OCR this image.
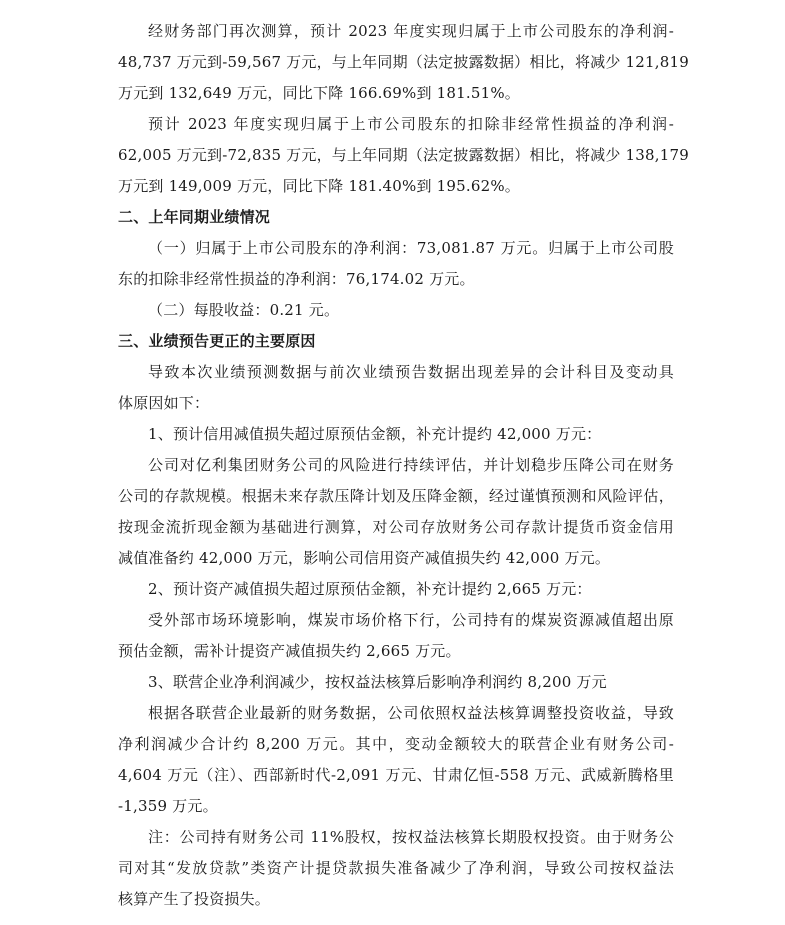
经财务部门再次测算，预计 2023 年度实现归属于上市公司股东的净利润-
48,737 万元到-59,567 万元，与上年同期（法定披露数据）相比，将减少 121,819
万元到 132,649 万元，同比下降 166.69%到 181.51%。
预计 2023 年度实现归属于上市公司股东的扣除非经常性损益的净利润-
62,005 万元到-72,835 万元，与上年同期（法定披露数据）相比，将减少 138,179
万元到 149,009 万元，同比下降 181.40%到 195.62%。
二、上年同期业绩情况
（一）归属于上市公司股东的净利润：73,081.87 万元。归属于上市公司股
东的扣除非经常性损益的净利润：76,174.02 万元。
（二）每股收益：0.21 元。
三、业绩预告更正的主要原因
导致本次业绩预测数据与前次业绩预告数据出现差异的会计科目及变动具
体原因如下：
1、预计信用减值损失超过原预估金额，补充计提约 42,000 万元：
公司对亿利集团财务公司的风险进行持续评估，并计划稳步压降公司在财务
公司的存款规模。根据未来存款压降计划及压降金额，经过谨慎预测和风险评估，
按现金流折现金额为基础进行测算，对公司存放财务公司存款计提货币资金信用
减值准备约 42,000 万元，影响公司信用资产减值损失约 42,000 万元。
2、预计资产减值损失超过原预估金额，补充计提约 2,665 万元：
受外部市场环境影响，煤炭市场价格下行，公司持有的煤炭资源减值超出原
预估金额，需补计提资产减值损失约 2,665 万元。
3、联营企业净利润减少，按权益法核算后影响净利润约 8,200 万元
根据各联营企业最新的财务数据，公司依照权益法核算调整投资收益，导致
净利润减少合计约 8,200 万元。其中，变动金额较大的联营企业有财务公司-
4,604 万元（注）、西部新时代-2,091 万元、甘肃亿恒-558 万元、武威新腾格里
-1,359 万元。
注：公司持有财务公司 11%股权，按权益法核算长期股权投资。由于财务公
司对其“发放贷款”类资产计提贷款损失准备减少了净利润，导致公司按权益法
核算产生了投资损失。
